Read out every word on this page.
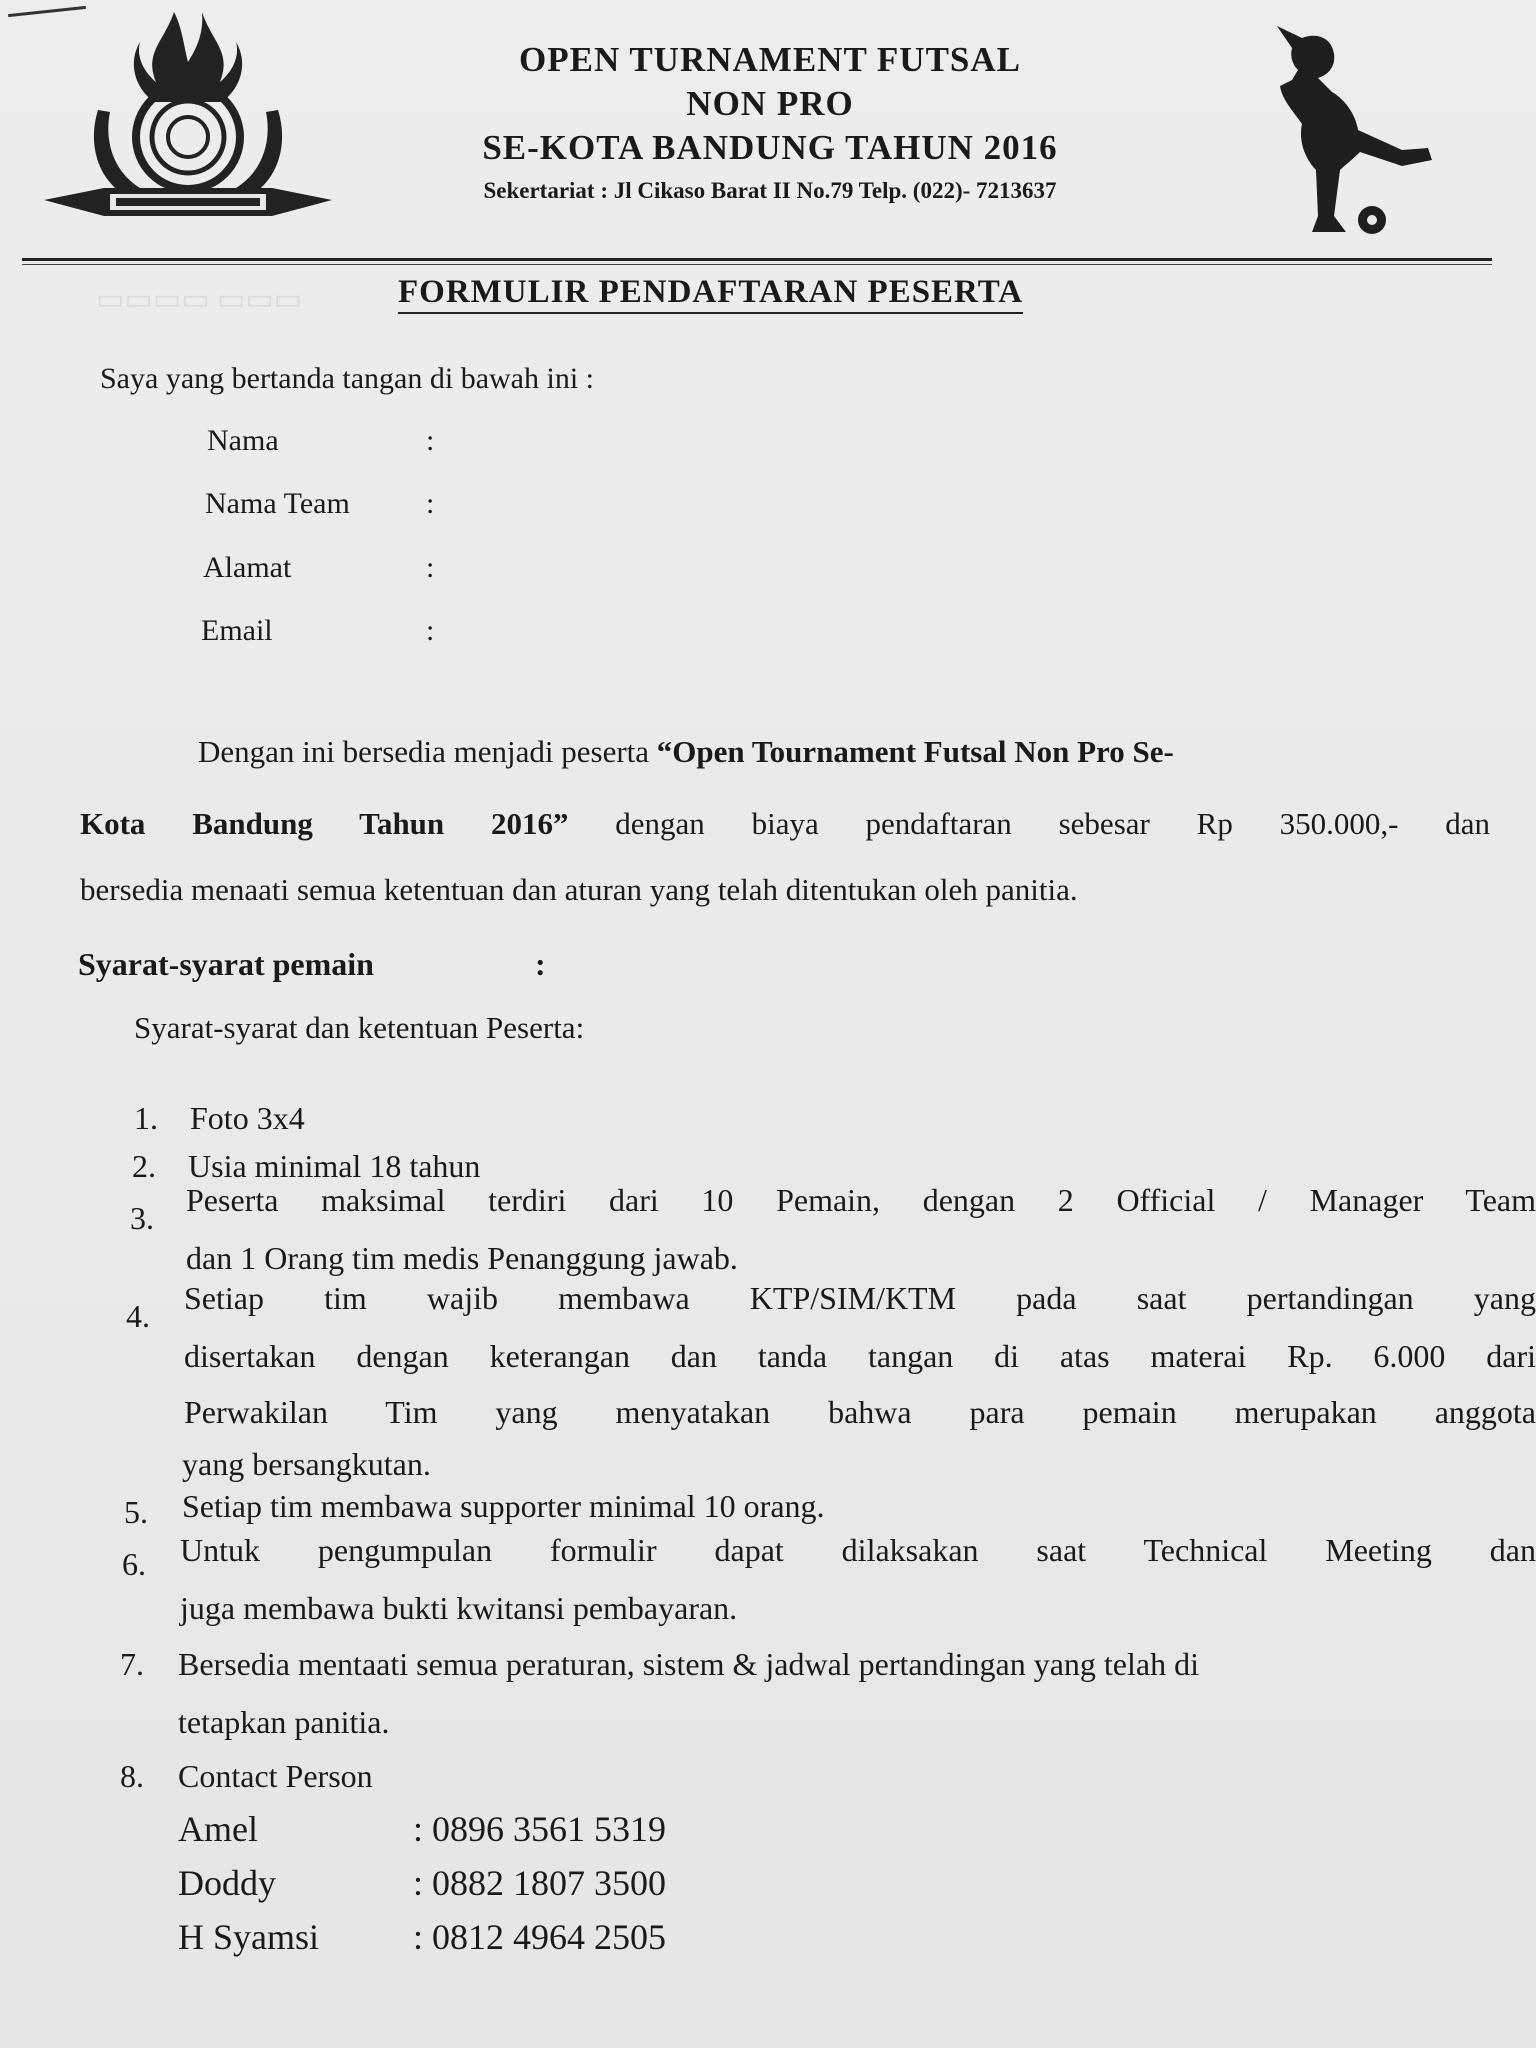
OPEN TURNAMENT FUTSAL
NON PRO
SE-KOTA BANDUNG TAHUN 2016
Sekertariat : Jl Cikaso Barat II No.79 Telp. (022)- 7213637
▭▭▭▭ ▭▭▭	FORMULIR PENDAFTARAN PESERTA
Saya yang bertanda tangan di bawah ini :
Nama	:
Nama Team	:
Alamat	:
Email	:
Dengan ini bersedia menjadi peserta “Open Tournament Futsal Non Pro Se-
Kota Bandung Tahun 2016” dengan biaya pendaftaran sebesar Rp 350.000,- dan
bersedia menaati semua ketentuan dan aturan yang telah ditentukan oleh panitia.
Syarat-syarat pemain	:
Syarat-syarat dan ketentuan Peserta:
1. Foto 3x4
2. Usia minimal 18 tahun
3. Peserta maksimal terdiri dari 10 Pemain, dengan 2 Official / Manager Team
dan 1 Orang tim medis Penanggung jawab.
4. Setiap tim wajib membawa KTP/SIM/KTM pada saat pertandingan yang
disertakan dengan keterangan dan tanda tangan di atas materai Rp. 6.000 dari
Perwakilan Tim yang menyatakan bahwa para pemain merupakan anggota
yang bersangkutan.
5. Setiap tim membawa supporter minimal 10 orang.
6. Untuk pengumpulan formulir dapat dilaksakan saat Technical Meeting dan
juga membawa bukti kwitansi pembayaran.
7. Bersedia mentaati semua peraturan, sistem & jadwal pertandingan yang telah di
tetapkan panitia.
8. Contact Person
Amel	: 0896 3561 5319
Doddy	: 0882 1807 3500
H Syamsi	: 0812 4964 2505
